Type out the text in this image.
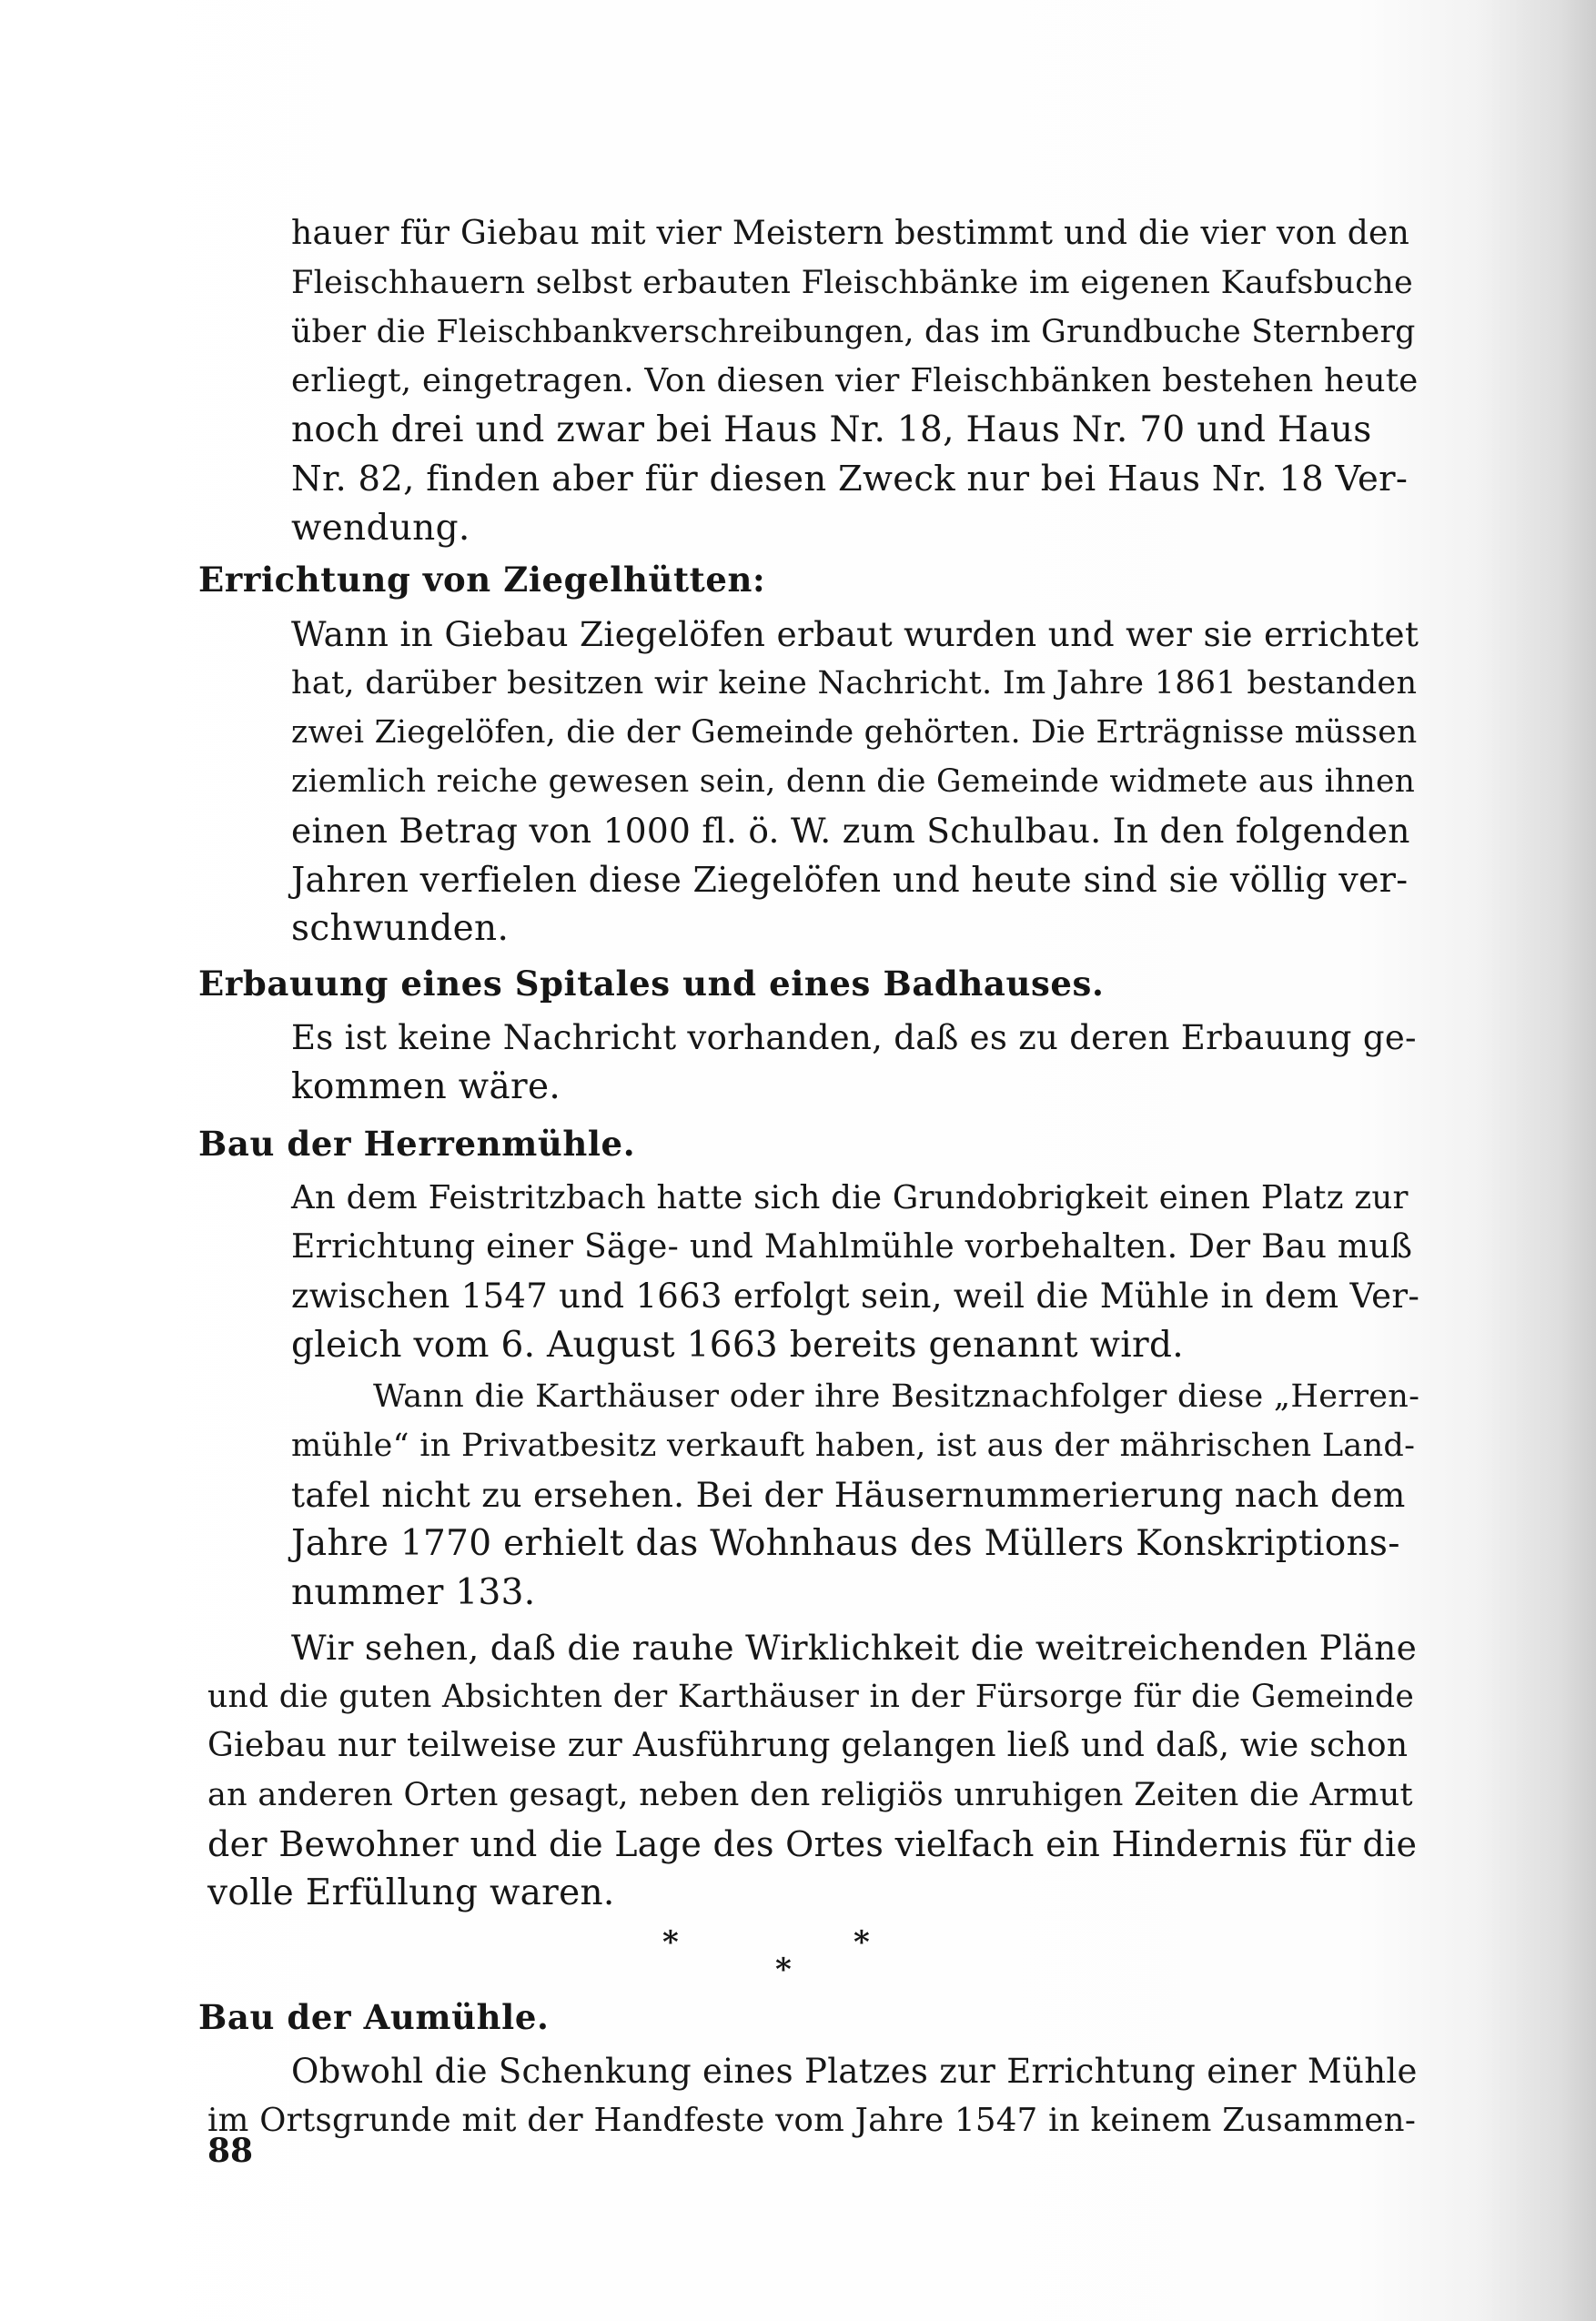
hauer für Giebau mit vier Meistern bestimmt und die vier von den
Fleischhauern selbst erbauten Fleischbänke im eigenen Kaufsbuche
über die Fleischbankverschreibungen, das im Grundbuche Sternberg
erliegt, eingetragen. Von diesen vier Fleischbänken bestehen heute
noch drei und zwar bei Haus Nr. 18, Haus Nr. 70 und Haus
Nr. 82, finden aber für diesen Zweck nur bei Haus Nr. 18 Ver-
wendung.
Errichtung von Ziegelhütten:
Wann in Giebau Ziegelöfen erbaut wurden und wer sie errichtet
hat, darüber besitzen wir keine Nachricht. Im Jahre 1861 bestanden
zwei Ziegelöfen, die der Gemeinde gehörten. Die Erträgnisse müssen
ziemlich reiche gewesen sein, denn die Gemeinde widmete aus ihnen
einen Betrag von 1000 fl. ö. W. zum Schulbau. In den folgenden
Jahren verfielen diese Ziegelöfen und heute sind sie völlig ver-
schwunden.
Erbauung eines Spitales und eines Badhauses.
Es ist keine Nachricht vorhanden, daß es zu deren Erbauung ge-
kommen wäre.
Bau der Herrenmühle.
An dem Feistritzbach hatte sich die Grundobrigkeit einen Platz zur
Errichtung einer Säge- und Mahlmühle vorbehalten. Der Bau muß
zwischen 1547 und 1663 erfolgt sein, weil die Mühle in dem Ver-
gleich vom 6. August 1663 bereits genannt wird.
Wann die Karthäuser oder ihre Besitznachfolger diese „Herren-
mühle“ in Privatbesitz verkauft haben, ist aus der mährischen Land-
tafel nicht zu ersehen. Bei der Häusernummerierung nach dem
Jahre 1770 erhielt das Wohnhaus des Müllers Konskriptions-
nummer 133.
Wir sehen, daß die rauhe Wirklichkeit die weitreichenden Pläne
und die guten Absichten der Karthäuser in der Fürsorge für die Gemeinde
Giebau nur teilweise zur Ausführung gelangen ließ und daß, wie schon
an anderen Orten gesagt, neben den religiös unruhigen Zeiten die Armut
der Bewohner und die Lage des Ortes vielfach ein Hindernis für die
volle Erfüllung waren.
*	*
*
Bau der Aumühle.
Obwohl die Schenkung eines Platzes zur Errichtung einer Mühle
im Ortsgrunde mit der Handfeste vom Jahre 1547 in keinem Zusammen-
88
